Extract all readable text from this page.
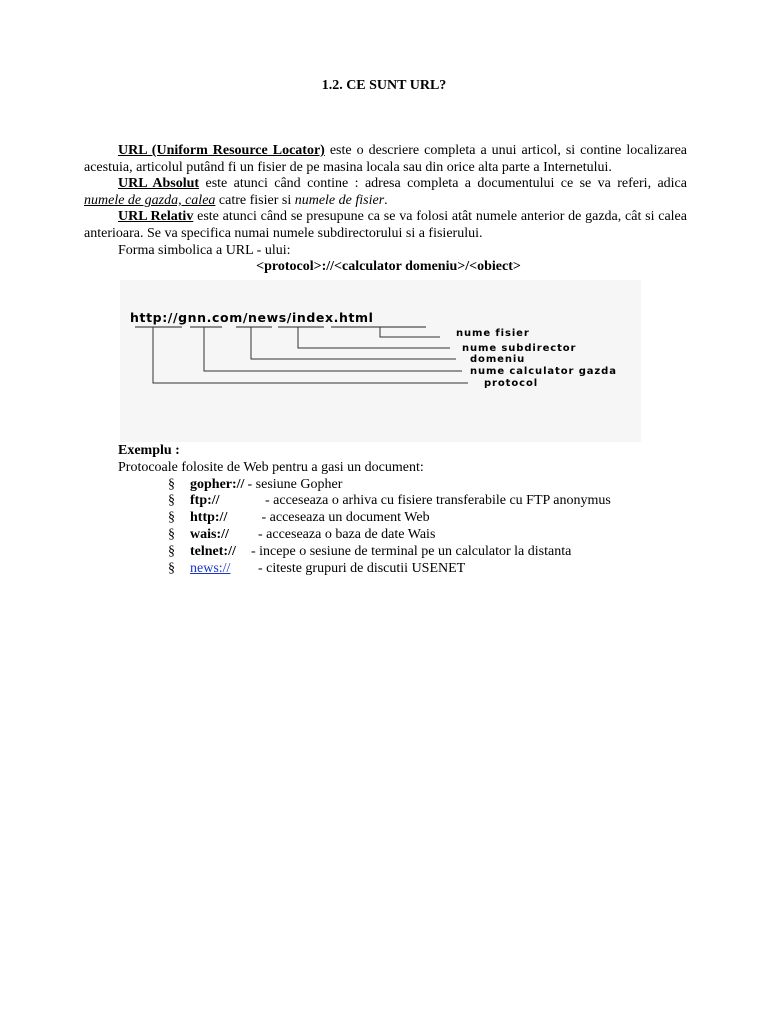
1.2. CE SUNT URL?

URL (Uniform Resource Locator) este o descriere completa a unui articol, si contine localizarea acestuia, articolul putând fi un fisier de pe masina locala sau din orice alta parte a Internetului.

URL Absolut este atunci când contine : adresa completa a documentului ce se va referi, adica numele de gazda, calea catre fisier si numele de fisier.

URL Relativ este atunci când se presupune ca se va folosi atât numele anterior de gazda, cât si calea anterioara. Se va specifica numai numele subdirectorului si a fisierului.

Forma simbolica a URL - ului:

<protocol>://<calculator domeniu>/<obiect>

http://gnn.com/news/index.html
nume fisier
nume subdirector
domeniu
nume calculator gazda
protocol

Exemplu :

Protocoale folosite de Web pentru a gasi un document:

§ gopher:// - sesiune Gopher
§ ftp://      - acceseaza o arhiva cu fisiere transferabile cu FTP anonymus
§ http://     - acceseaza un document Web
§ wais://    - acceseaza o baza de date Wais
§ telnet://  - incepe o sesiune de terminal pe un calculator la distanta
§ news://    - citeste grupuri de discutii USENET
